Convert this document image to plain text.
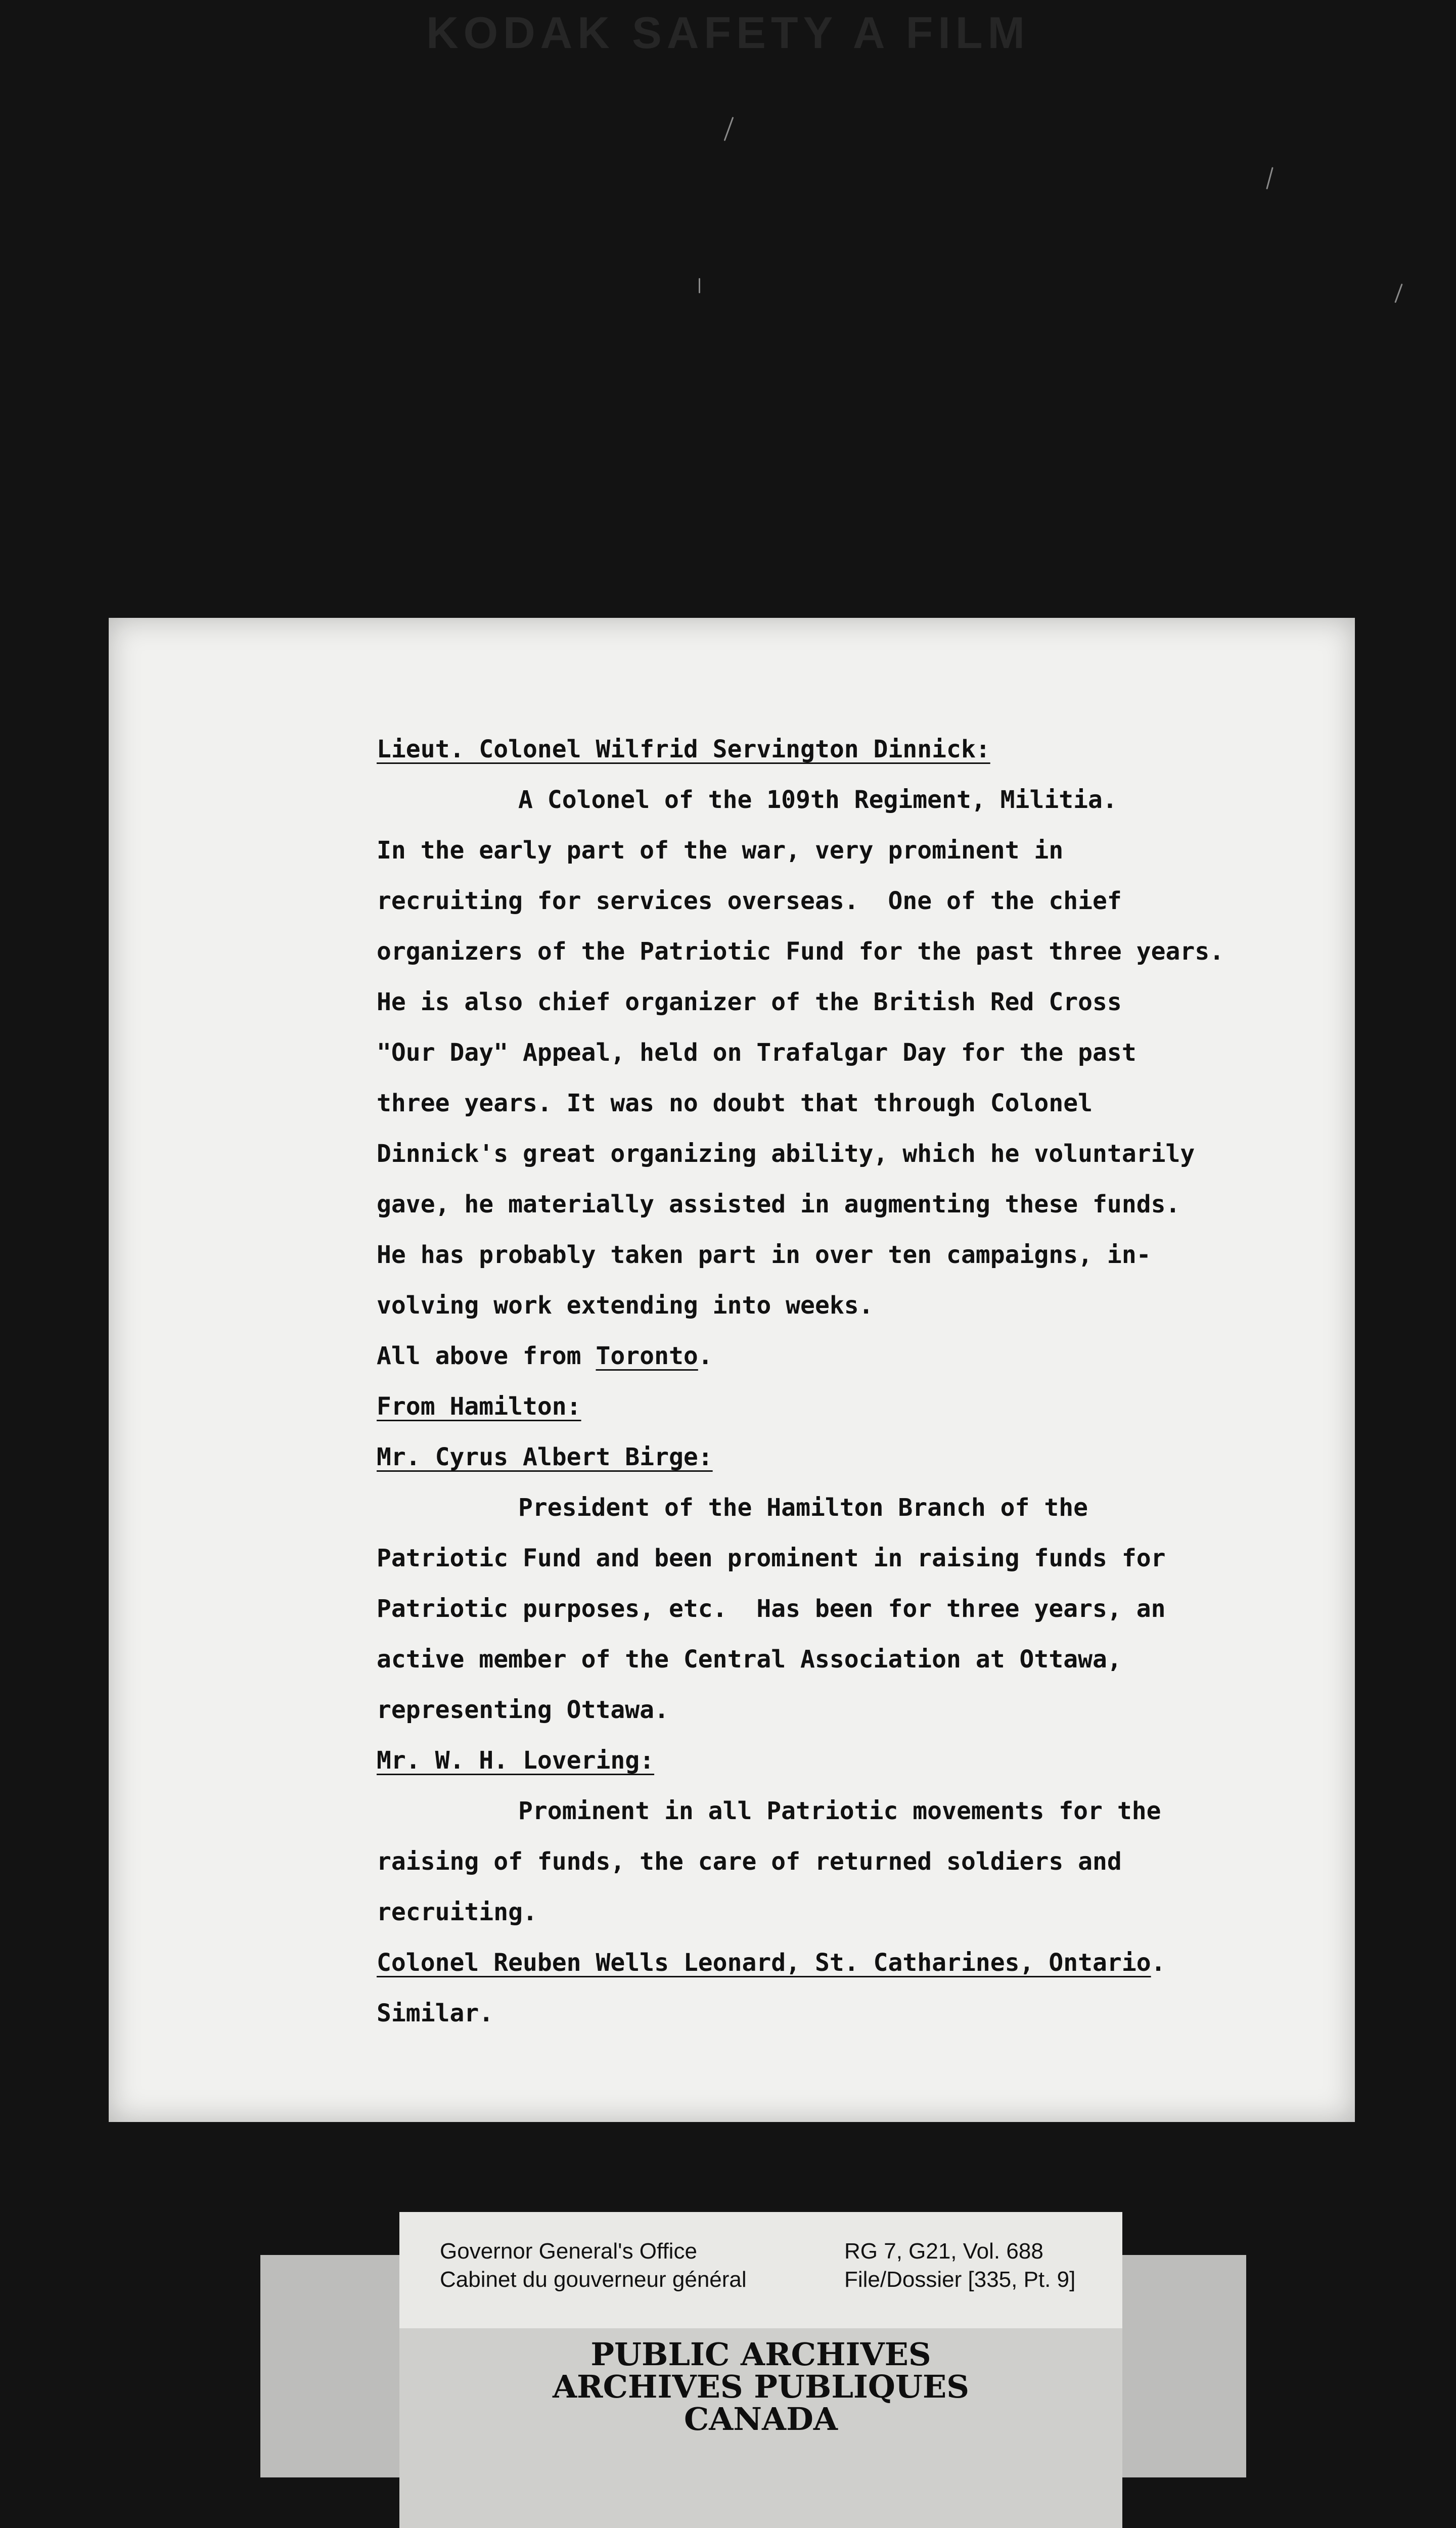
KODAK SAFETY A FILM
Lieut. Colonel Wilfrid Servington Dinnick:
A Colonel of the 109th Regiment, Militia.
In the early part of the war, very prominent in
recruiting for services overseas.  One of the chief
organizers of the Patriotic Fund for the past three years.
He is also chief organizer of the British Red Cross
"Our Day" Appeal, held on Trafalgar Day for the past
three years. It was no doubt that through Colonel
Dinnick's great organizing ability, which he voluntarily
gave, he materially assisted in augmenting these funds.
He has probably taken part in over ten campaigns, in-
volving work extending into weeks.
All above from Toronto.
From Hamilton:
Mr. Cyrus Albert Birge:
President of the Hamilton Branch of the
Patriotic Fund and been prominent in raising funds for
Patriotic purposes, etc.  Has been for three years, an
active member of the Central Association at Ottawa,
representing Ottawa.
Mr. W. H. Lovering:
Prominent in all Patriotic movements for the
raising of funds, the care of returned soldiers and
recruiting.
Colonel Reuben Wells Leonard, St. Catharines, Ontario.
Similar.
Governor General's Office
Cabinet du gouverneur général
RG 7, G21, Vol. 688
File/Dossier [335, Pt. 9]
PUBLIC ARCHIVES
ARCHIVES PUBLIQUES
CANADA
